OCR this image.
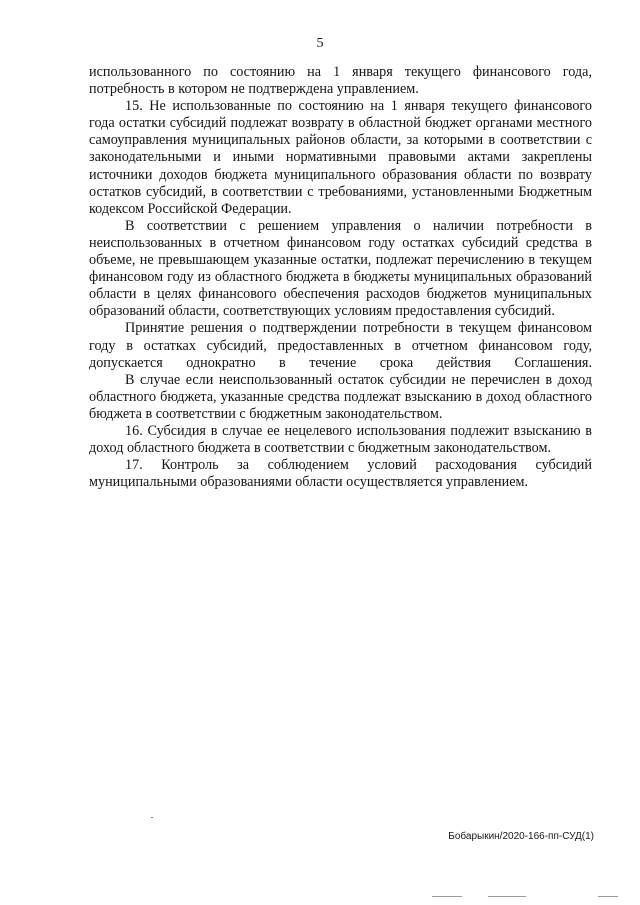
5

использованного по состоянию на 1 января текущего финансового года, потребность в котором не подтверждена управлением.

15. Не использованные по состоянию на 1 января текущего финансового года остатки субсидий подлежат возврату в областной бюджет органами местного самоуправления муниципальных районов области, за которыми в соответствии с законодательными и иными нормативными правовыми актами закреплены источники доходов бюджета муниципального образования области по возврату остатков субсидий, в соответствии с требованиями, установленными Бюджетным кодексом Российской Федерации.

В соответствии с решением управления о наличии потребности в неиспользованных в отчетном финансовом году остатках субсидий средства в объеме, не превышающем указанные остатки, подлежат перечислению в текущем финансовом году из областного бюджета в бюджеты муниципальных образований области в целях финансового обеспечения расходов бюджетов муниципальных образований области, соответствующих условиям предоставления субсидий.

Принятие решения о подтверждении потребности в текущем финансовом году в остатках субсидий, предоставленных в отчетном финансовом году, допускается однократно в течение срока действия Соглашения.

В случае если неиспользованный остаток субсидии не перечислен в доход областного бюджета, указанные средства подлежат взысканию в доход областного бюджета в соответствии с бюджетным законодательством.

16. Субсидия в случае ее нецелевого использования подлежит взысканию в доход областного бюджета в соответствии с бюджетным законодательством.

17. Контроль за соблюдением условий расходования субсидий муниципальными образованиями области осуществляется управлением.

Бобарыкин/2020-166-пп-СУД(1)
